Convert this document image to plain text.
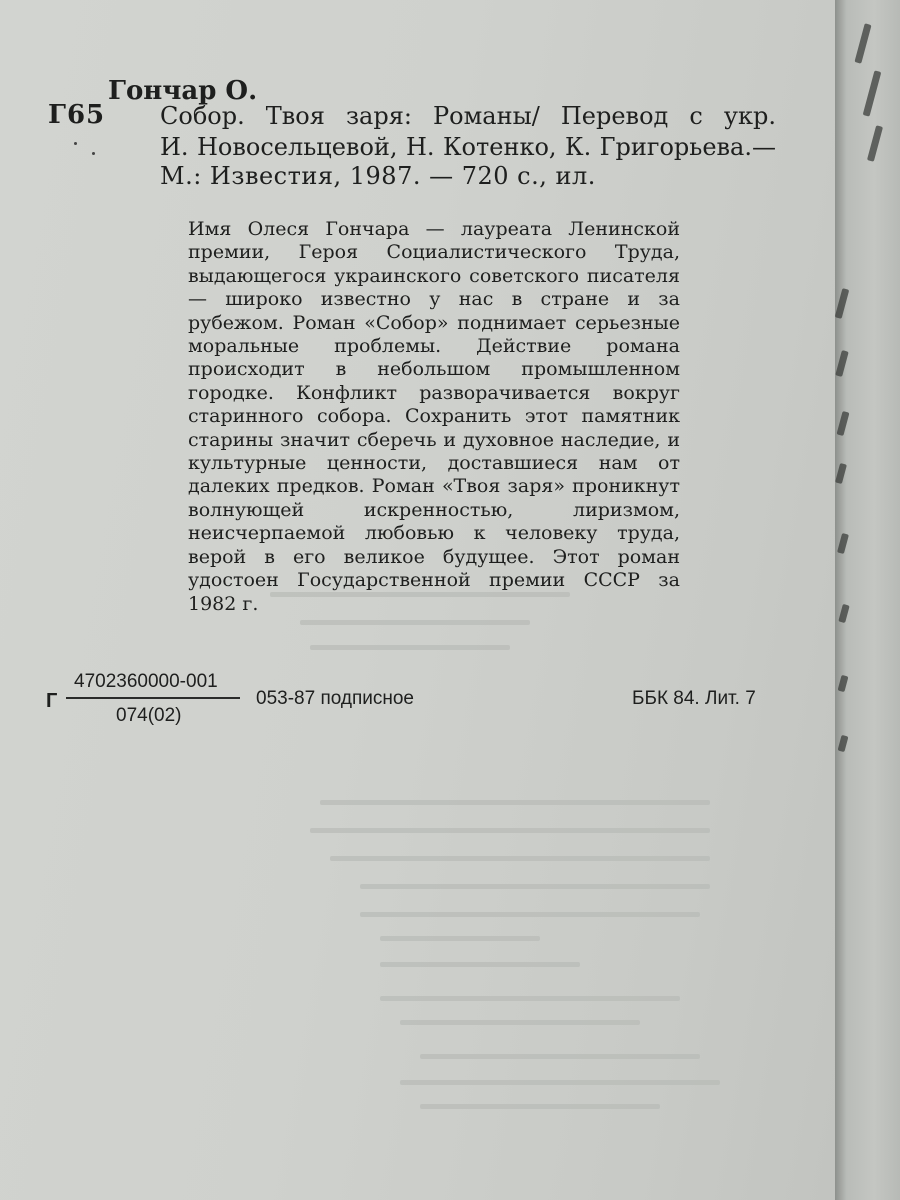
Гончар О.
Г65 Собор. Твоя заря: Романы/ Перевод с укр.
И. Новосельцевой, Н. Котенко, К. Григорьева.—
М.: Известия, 1987. — 720 с., ил.

Имя Олеся Гончара — лауреата Ленинской премии, Героя Социалистического Труда, выдающегося украинского советского писателя — широко известно у нас в стране и за рубежом. Роман «Собор» поднимает серьезные моральные проблемы. Действие романа происходит в небольшом промышленном городке. Конфликт разворачивается вокруг старинного собора. Сохранить этот памятник старины значит сберечь и духовное наследие, и культурные ценности, доставшиеся нам от далеких предков. Роман «Твоя заря» проникнут волнующей искренностью, лиризмом, неисчерпаемой любовью к человеку труда, верой в его великое будущее. Этот роман удостоен Государственной премии СССР за 1982 г.

Г
4702360000-001
074(02)
053-87 подписное	ББК 84. Лит. 7
